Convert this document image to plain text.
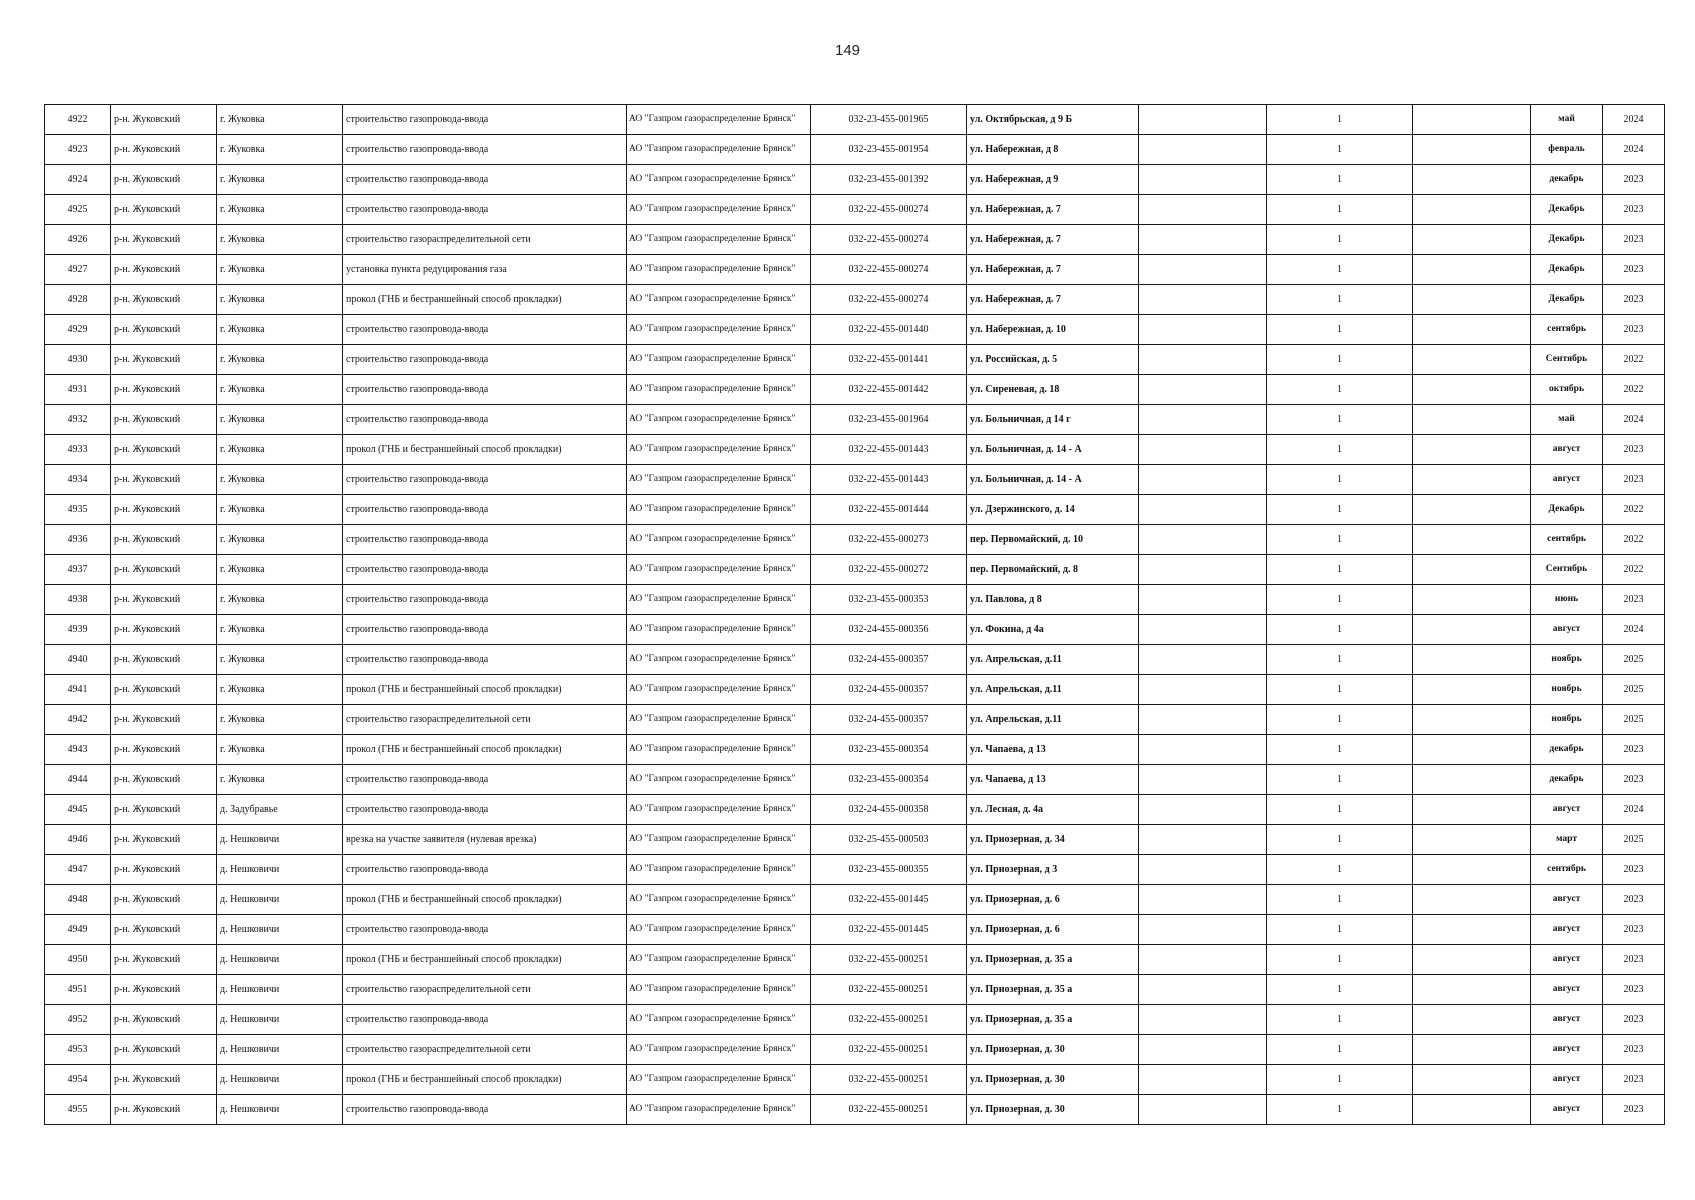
149
4922	р-н. Жуковский	г. Жуковка	строительство газопровода-ввода	АО "Газпром газораспределение Брянск"	032-23-455-001965	ул. Октябрьская, д 9 Б		1		май	2024
4923	р-н. Жуковский	г. Жуковка	строительство газопровода-ввода	АО "Газпром газораспределение Брянск"	032-23-455-001954	ул. Набережная, д 8		1		февраль	2024
4924	р-н. Жуковский	г. Жуковка	строительство газопровода-ввода	АО "Газпром газораспределение Брянск"	032-23-455-001392	ул. Набережная, д 9		1		декабрь	2023
4925	р-н. Жуковский	г. Жуковка	строительство газопровода-ввода	АО "Газпром газораспределение Брянск"	032-22-455-000274	ул. Набережная, д. 7		1		Декабрь	2023
4926	р-н. Жуковский	г. Жуковка	строительство газораспределительной сети	АО "Газпром газораспределение Брянск"	032-22-455-000274	ул. Набережная, д. 7		1		Декабрь	2023
4927	р-н. Жуковский	г. Жуковка	установка пункта редуцирования газа	АО "Газпром газораспределение Брянск"	032-22-455-000274	ул. Набережная, д. 7		1		Декабрь	2023
4928	р-н. Жуковский	г. Жуковка	прокол (ГНБ и бестраншейный способ прокладки)	АО "Газпром газораспределение Брянск"	032-22-455-000274	ул. Набережная, д. 7		1		Декабрь	2023
4929	р-н. Жуковский	г. Жуковка	строительство газопровода-ввода	АО "Газпром газораспределение Брянск"	032-22-455-001440	ул. Набережная, д. 10		1		сентябрь	2023
4930	р-н. Жуковский	г. Жуковка	строительство газопровода-ввода	АО "Газпром газораспределение Брянск"	032-22-455-001441	ул. Российская, д. 5		1		Сентябрь	2022
4931	р-н. Жуковский	г. Жуковка	строительство газопровода-ввода	АО "Газпром газораспределение Брянск"	032-22-455-001442	ул. Сиреневая, д. 18		1		октябрь	2022
4932	р-н. Жуковский	г. Жуковка	строительство газопровода-ввода	АО "Газпром газораспределение Брянск"	032-23-455-001964	ул. Больничная, д 14 г		1		май	2024
4933	р-н. Жуковский	г. Жуковка	прокол (ГНБ и бестраншейный способ прокладки)	АО "Газпром газораспределение Брянск"	032-22-455-001443	ул. Больничная, д. 14 - А		1		август	2023
4934	р-н. Жуковский	г. Жуковка	строительство газопровода-ввода	АО "Газпром газораспределение Брянск"	032-22-455-001443	ул. Больничная, д. 14 - А		1		август	2023
4935	р-н. Жуковский	г. Жуковка	строительство газопровода-ввода	АО "Газпром газораспределение Брянск"	032-22-455-001444	ул. Дзержинского, д. 14		1		Декабрь	2022
4936	р-н. Жуковский	г. Жуковка	строительство газопровода-ввода	АО "Газпром газораспределение Брянск"	032-22-455-000273	пер. Первомайский, д. 10		1		сентябрь	2022
4937	р-н. Жуковский	г. Жуковка	строительство газопровода-ввода	АО "Газпром газораспределение Брянск"	032-22-455-000272	пер. Первомайский, д. 8		1		Сентябрь	2022
4938	р-н. Жуковский	г. Жуковка	строительство газопровода-ввода	АО "Газпром газораспределение Брянск"	032-23-455-000353	ул. Павлова, д 8		1		июнь	2023
4939	р-н. Жуковский	г. Жуковка	строительство газопровода-ввода	АО "Газпром газораспределение Брянск"	032-24-455-000356	ул. Фокина, д 4а		1		август	2024
4940	р-н. Жуковский	г. Жуковка	строительство газопровода-ввода	АО "Газпром газораспределение Брянск"	032-24-455-000357	ул. Апрельская, д.11		1		ноябрь	2025
4941	р-н. Жуковский	г. Жуковка	прокол (ГНБ и бестраншейный способ прокладки)	АО "Газпром газораспределение Брянск"	032-24-455-000357	ул. Апрельская, д.11		1		ноябрь	2025
4942	р-н. Жуковский	г. Жуковка	строительство газораспределительной сети	АО "Газпром газораспределение Брянск"	032-24-455-000357	ул. Апрельская, д.11		1		ноябрь	2025
4943	р-н. Жуковский	г. Жуковка	прокол (ГНБ и бестраншейный способ прокладки)	АО "Газпром газораспределение Брянск"	032-23-455-000354	ул. Чапаева, д 13		1		декабрь	2023
4944	р-н. Жуковский	г. Жуковка	строительство газопровода-ввода	АО "Газпром газораспределение Брянск"	032-23-455-000354	ул. Чапаева, д 13		1		декабрь	2023
4945	р-н. Жуковский	д. Задубравье	строительство газопровода-ввода	АО "Газпром газораспределение Брянск"	032-24-455-000358	ул. Лесная, д. 4а		1		август	2024
4946	р-н. Жуковский	д. Нешковичи	врезка на участке заявителя (нулевая врезка)	АО "Газпром газораспределение Брянск"	032-25-455-000503	ул. Приозерная, д. 34		1		март	2025
4947	р-н. Жуковский	д. Нешковичи	строительство газопровода-ввода	АО "Газпром газораспределение Брянск"	032-23-455-000355	ул. Приозерная, д 3		1		сентябрь	2023
4948	р-н. Жуковский	д. Нешковичи	прокол (ГНБ и бестраншейный способ прокладки)	АО "Газпром газораспределение Брянск"	032-22-455-001445	ул. Приозерная, д. 6		1		август	2023
4949	р-н. Жуковский	д. Нешковичи	строительство газопровода-ввода	АО "Газпром газораспределение Брянск"	032-22-455-001445	ул. Приозерная, д. 6		1		август	2023
4950	р-н. Жуковский	д. Нешковичи	прокол (ГНБ и бестраншейный способ прокладки)	АО "Газпром газораспределение Брянск"	032-22-455-000251	ул. Приозерная, д. 35 а		1		август	2023
4951	р-н. Жуковский	д. Нешковичи	строительство газораспределительной сети	АО "Газпром газораспределение Брянск"	032-22-455-000251	ул. Приозерная, д. 35 а		1		август	2023
4952	р-н. Жуковский	д. Нешковичи	строительство газопровода-ввода	АО "Газпром газораспределение Брянск"	032-22-455-000251	ул. Приозерная, д. 35 а		1		август	2023
4953	р-н. Жуковский	д. Нешковичи	строительство газораспределительной сети	АО "Газпром газораспределение Брянск"	032-22-455-000251	ул. Приозерная, д. 30		1		август	2023
4954	р-н. Жуковский	д. Нешковичи	прокол (ГНБ и бестраншейный способ прокладки)	АО "Газпром газораспределение Брянск"	032-22-455-000251	ул. Приозерная, д. 30		1		август	2023
4955	р-н. Жуковский	д. Нешковичи	строительство газопровода-ввода	АО "Газпром газораспределение Брянск"	032-22-455-000251	ул. Приозерная, д. 30		1		август	2023
